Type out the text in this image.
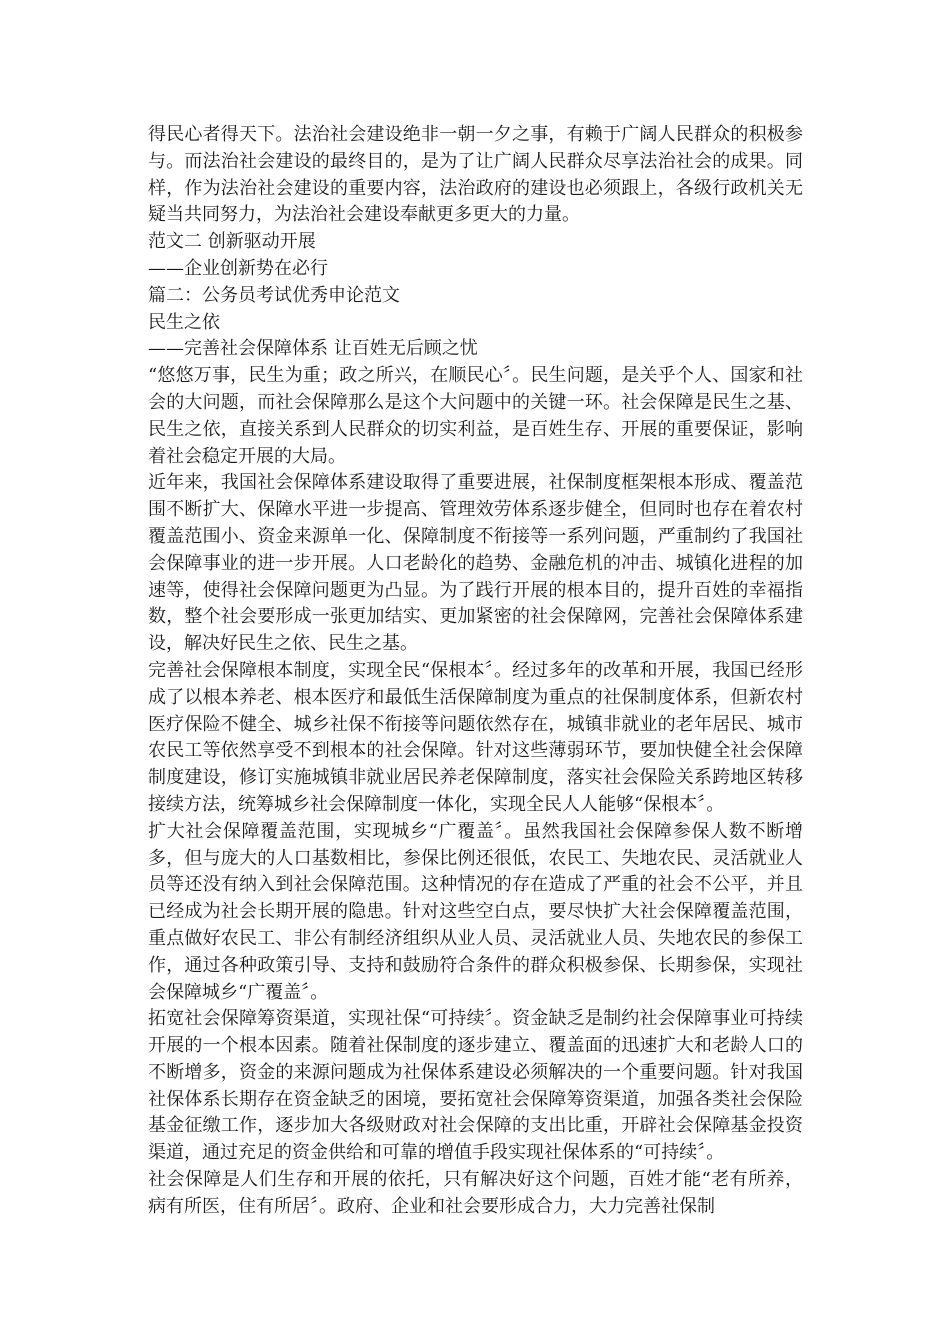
得民心者得天下。法治社会建设绝非一朝一夕之事，有赖于广阔人民群众的积极参与。而法治社会建设的最终目的，是为了让广阔人民群众尽享法治社会的成果。同样，作为法治社会建设的重要内容，法治政府的建设也必须跟上，各级行政机关无疑当共同努力，为法治社会建设奉献更多更大的力量。

范文二 创新驱动开展

——企业创新势在必行

篇二：公务员考试优秀申论范文

民生之依

——完善社会保障体系 让百姓无后顾之忧

“悠悠万事，民生为重；政之所兴，在顺民心〞。民生问题，是关乎个人、国家和社会的大问题，而社会保障那么是这个大问题中的关键一环。社会保障是民生之基、民生之依，直接关系到人民群众的切实利益，是百姓生存、开展的重要保证，影响着社会稳定开展的大局。

近年来，我国社会保障体系建设取得了重要进展，社保制度框架根本形成、覆盖范围不断扩大、保障水平进一步提高、管理效劳体系逐步健全，但同时也存在着农村覆盖范围小、资金来源单一化、保障制度不衔接等一系列问题，严重制约了我国社会保障事业的进一步开展。人口老龄化的趋势、金融危机的冲击、城镇化进程的加速等，使得社会保障问题更为凸显。为了践行开展的根本目的，提升百姓的幸福指数，整个社会要形成一张更加结实、更加紧密的社会保障网，完善社会保障体系建设，解决好民生之依、民生之基。

完善社会保障根本制度，实现全民“保根本〞。经过多年的改革和开展，我国已经形成了以根本养老、根本医疗和最低生活保障制度为重点的社保制度体系，但新农村医疗保险不健全、城乡社保不衔接等问题依然存在，城镇非就业的老年居民、城市农民工等依然享受不到根本的社会保障。针对这些薄弱环节，要加快健全社会保障制度建设，修订实施城镇非就业居民养老保障制度，落实社会保险关系跨地区转移接续方法，统筹城乡社会保障制度一体化，实现全民人人能够“保根本〞。

扩大社会保障覆盖范围，实现城乡“广覆盖〞。虽然我国社会保障参保人数不断增多，但与庞大的人口基数相比，参保比例还很低，农民工、失地农民、灵活就业人员等还没有纳入到社会保障范围。这种情况的存在造成了严重的社会不公平，并且已经成为社会长期开展的隐患。针对这些空白点，要尽快扩大社会保障覆盖范围，重点做好农民工、非公有制经济组织从业人员、灵活就业人员、失地农民的参保工作，通过各种政策引导、支持和鼓励符合条件的群众积极参保、长期参保，实现社会保障城乡“广覆盖〞。

拓宽社会保障筹资渠道，实现社保“可持续〞。资金缺乏是制约社会保障事业可持续开展的一个根本因素。随着社保制度的逐步建立、覆盖面的迅速扩大和老龄人口的不断增多，资金的来源问题成为社保体系建设必须解决的一个重要问题。针对我国社保体系长期存在资金缺乏的困境，要拓宽社会保障筹资渠道，加强各类社会保险基金征缴工作，逐步加大各级财政对社会保障的支出比重，开辟社会保障基金投资渠道，通过充足的资金供给和可靠的增值手段实现社保体系的“可持续〞。

社会保障是人们生存和开展的依托，只有解决好这个问题，百姓才能“老有所养，病有所医，住有所居〞。政府、企业和社会要形成合力，大力完善社保制
